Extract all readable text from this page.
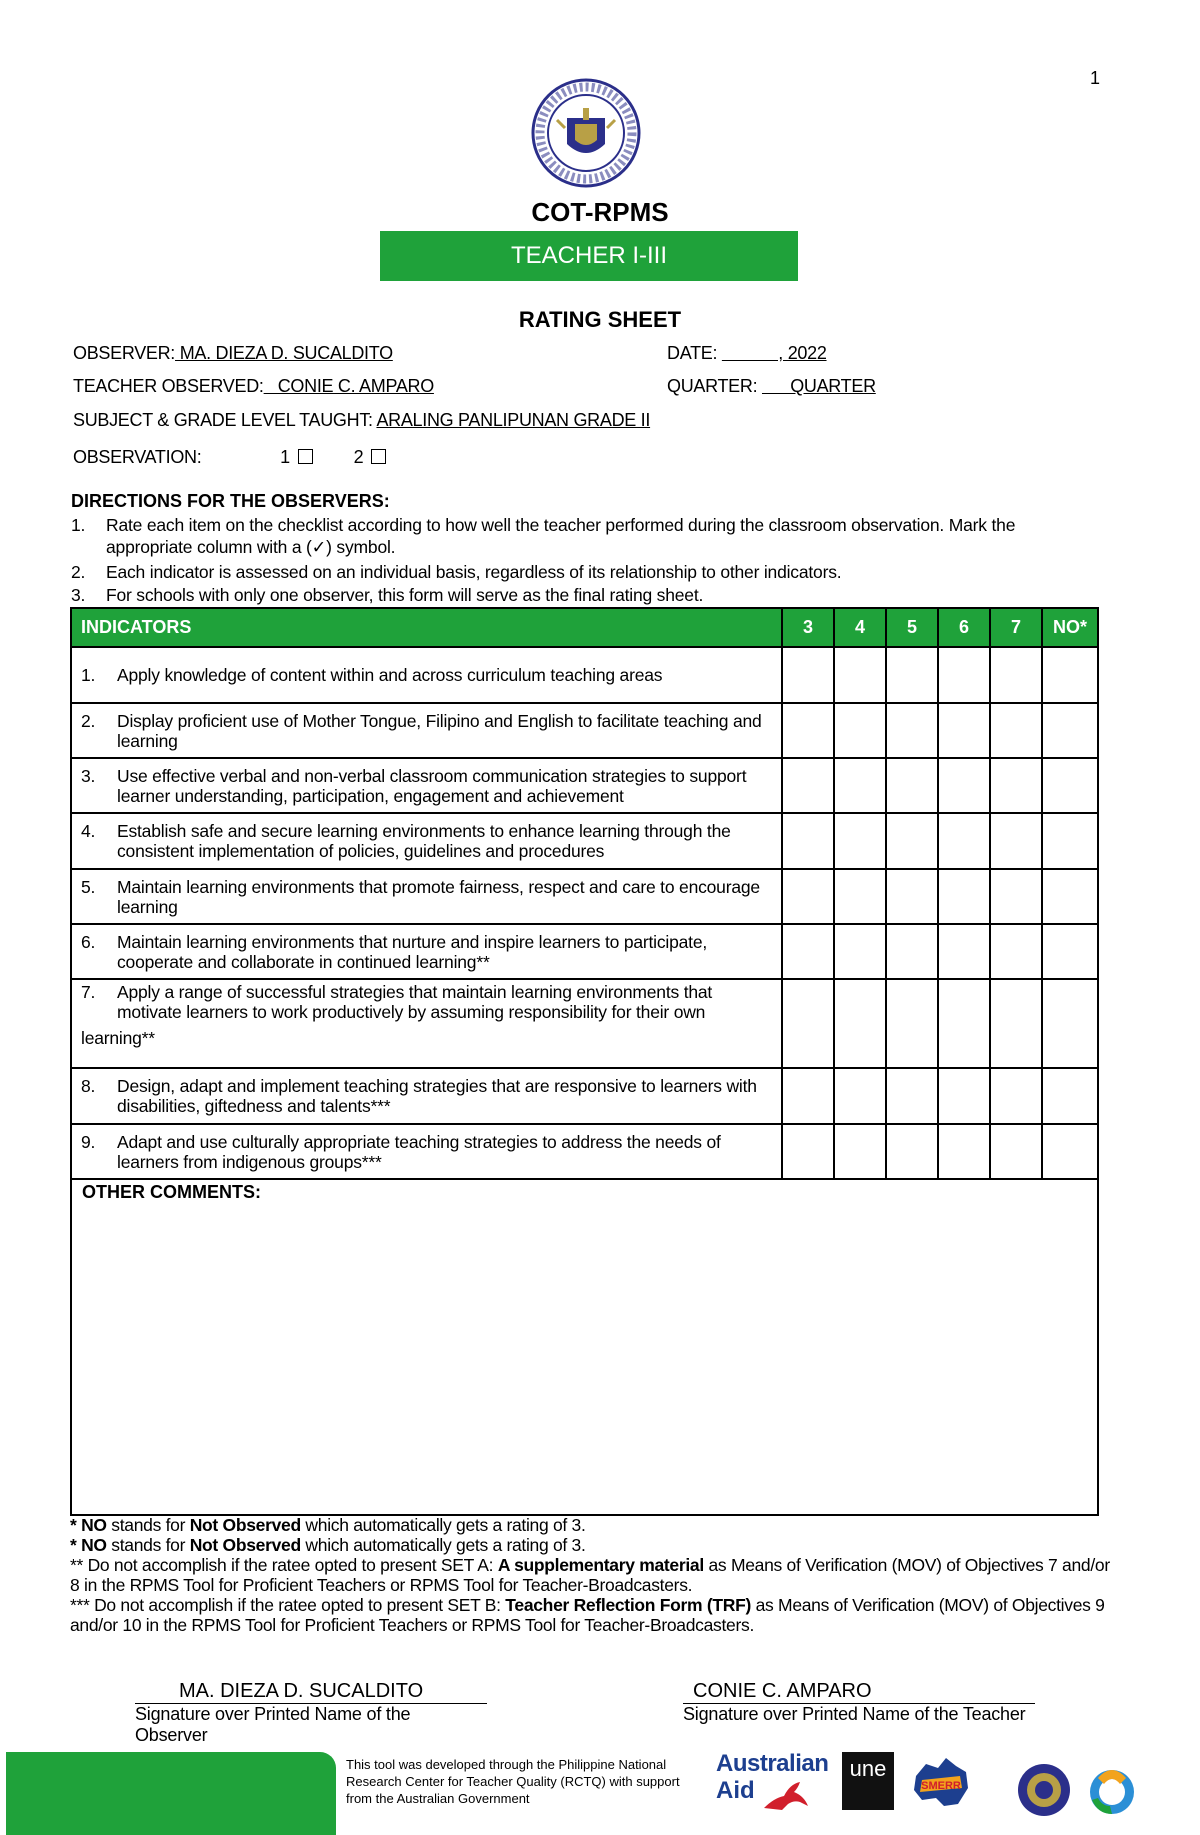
1
COT-RPMS
TEACHER I-III
RATING SHEET
OBSERVER: MA. DIEZA D. SUCALDITO	DATE:             , 2022
TEACHER OBSERVED:   CONIE C. AMPARO	QUARTER:       QUARTER
SUBJECT & GRADE LEVEL TAUGHT: ARALING PANLIPUNAN GRADE II
OBSERVATION:	1	2
DIRECTIONS FOR THE OBSERVERS:
1. Rate each item on the checklist according to how well the teacher performed during the classroom observation. Mark the appropriate column with a (✓) symbol.
2. Each indicator is assessed on an individual basis, regardless of its relationship to other indicators.
3. For schools with only one observer, this form will serve as the final rating sheet.
INDICATORS	3	4	5	6	7	NO*

1. Apply knowledge of content within and across curriculum teaching areas						

2. Display proficient use of Mother Tongue, Filipino and English to facilitate teaching and learning						

3. Use effective verbal and non-verbal classroom communication strategies to support learner understanding, participation, engagement and achievement						

4. Establish safe and secure learning environments to enhance learning through the consistent implementation of policies, guidelines and procedures						

5. Maintain learning environments that promote fairness, respect and care to encourage learning						

6. Maintain learning environments that nurture and inspire learners to participate, cooperate and collaborate in continued learning**						

7. Apply a range of successful strategies that maintain learning environments that motivate learners to work productively by assuming responsibility for their own
learning**						

8. Design, adapt and implement teaching strategies that are responsive to learners with disabilities, giftedness and talents***						

9. Adapt and use culturally appropriate teaching strategies to address the needs of learners from indigenous groups***						

OTHER COMMENTS:
* NO stands for Not Observed which automatically gets a rating of 3.
* NO stands for Not Observed which automatically gets a rating of 3.
** Do not accomplish if the ratee opted to present SET A: A supplementary material as Means of Verification (MOV) of Objectives 7 and/or 8 in the RPMS Tool for Proficient Teachers or RPMS Tool for Teacher-Broadcasters.
*** Do not accomplish if the ratee opted to present SET B: Teacher Reflection Form (TRF) as Means of Verification (MOV) of Objectives 9 and/or 10 in the RPMS Tool for Proficient Teachers or RPMS Tool for Teacher-Broadcasters.
MA. DIEZA D. SUCALDITO
Signature over Printed Name of the Observer
CONIE C. AMPARO
Signature over Printed Name of the Teacher
This tool was developed through the Philippine National Research Center for Teacher Quality (RCTQ) with support from the Australian Government
Australian
Aid
une
SMERR
